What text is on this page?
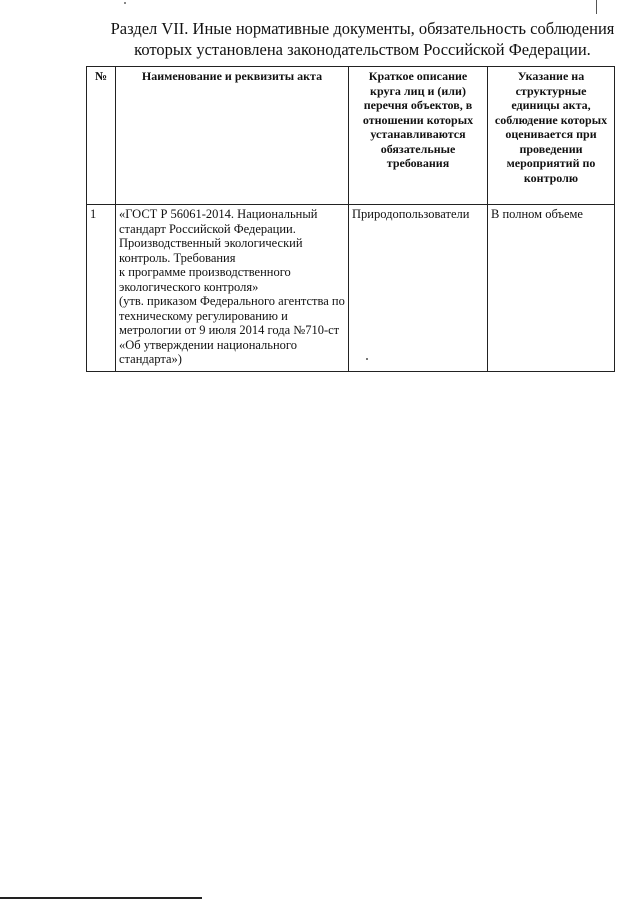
Раздел VII. Иные нормативные документы, обязательность соблюдения которых установлена законодательством Российской Федерации.
№	Наименование и реквизиты акта	Краткое описание круга лиц и (или) перечня объектов, в отношении которых устанавливаются обязательные требования	Указание на структурные единицы акта, соблюдение которых оценивается при проведении мероприятий по контролю
1	«ГОСТ Р 56061-2014. Национальный стандарт Российской Федерации. Производственный экологический контроль. Требования
к программе производственного экологического контроля»
(утв. приказом Федерального агентства по техническому регулированию и метрологии от 9 июля 2014 года №710-ст «Об утверждении национального стандарта»)	Природопользователи	В полном объеме
